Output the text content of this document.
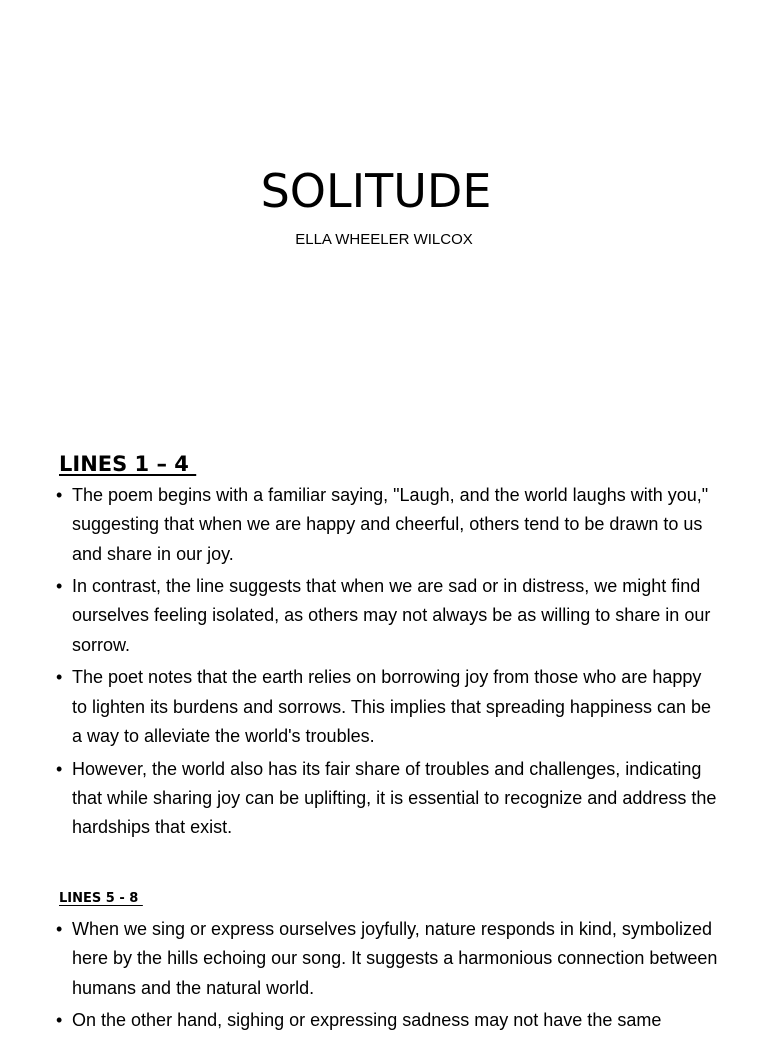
SOLITUDE

ELLA WHEELER WILCOX

LINES 1 – 4
• The poem begins with a familiar saying, "Laugh, and the world laughs with you," suggesting that when we are happy and cheerful, others tend to be drawn to us and share in our joy.
• In contrast, the line suggests that when we are sad or in distress, we might find ourselves feeling isolated, as others may not always be as willing to share in our sorrow.
• The poet notes that the earth relies on borrowing joy from those who are happy to lighten its burdens and sorrows. This implies that spreading happiness can be a way to alleviate the world's troubles.
• However, the world also has its fair share of troubles and challenges, indicating that while sharing joy can be uplifting, it is essential to recognize and address the hardships that exist.
LINES 5 - 8
• When we sing or express ourselves joyfully, nature responds in kind, symbolized here by the hills echoing our song. It suggests a harmonious connection between humans and the natural world.
• On the other hand, sighing or expressing sadness may not have the same
